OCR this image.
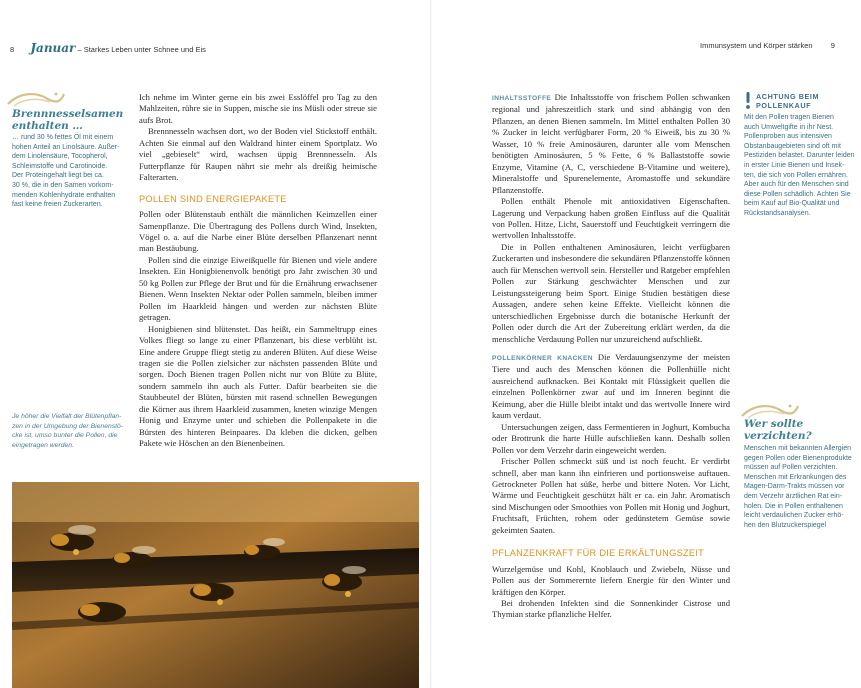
8 Januar – Starkes Leben unter Schnee und Eis	Immunsystem und Körper stärken 9
Brennnesselsamen
enthalten …
… rund 30 % fettes Öl mit einem
hohen Anteil an Linolsäure. Außer-
dem Linolensäure, Tocopherol,
Schleimstoffe und Carotinoide.
Der Proteingehalt liegt bei ca.
30 %, die in den Samen vorkom-
menden Kohlenhydrate enthalten
fast keine freien Zuckerarten.
Je höher die Vielfalt der Blütenpflan-
zen in der Umgebung der Bienenstö-
cke ist, umso bunter die Pollen, die
eingetragen werden.

Ich nehme im Winter gerne ein bis zwei Esslöffel pro Tag zu den Mahlzeiten, rühre sie in Suppen, mische sie ins Müsli oder streue sie aufs Brot.

Brennnesseln wachsen dort, wo der Boden viel Stickstoff enthält. Achten Sie einmal auf den Waldrand hinter einem Sportplatz. Wo viel „gebieselt“ wird, wachsen üppig Brennnesseln. Als Futterpflanze für Raupen nährt sie mehr als dreißig heimische Falterarten.

POLLEN SIND ENERGIEPAKETE

Pollen oder Blütenstaub enthält die männlichen Keimzellen einer Samenpflanze. Die Übertragung des Pollens durch Wind, Insekten, Vögel o. a. auf die Narbe einer Blüte derselben Pflanzenart nennt man Bestäubung.

Pollen sind die einzige Eiweißquelle für Bienen und viele andere Insekten. Ein Honigbienenvolk benötigt pro Jahr zwischen 30 und 50 kg Pollen zur Pflege der Brut und für die Ernährung erwachsener Bienen. Wenn Insekten Nektar oder Pollen sammeln, bleiben immer Pollen im Haarkleid hängen und werden zur nächsten Blüte getragen.

Honigbienen sind blütenstet. Das heißt, ein Sammeltrupp eines Volkes fliegt so lange zu einer Pflanzenart, bis diese verblüht ist. Eine andere Gruppe fliegt stetig zu anderen Blüten. Auf diese Weise tragen sie die Pollen zielsicher zur nächsten passenden Blüte und sorgen. Doch Bienen tragen Pollen nicht nur von Blüte zu Blüte, sondern sammeln ihn auch als Futter. Dafür bearbeiten sie die Staubbeutel der Blüten, bürsten mit rasend schnellen Bewegungen die Körner aus ihrem Haarkleid zusammen, kneten winzige Mengen Honig und Enzyme unter und schieben die Pollenpakete in die Bürsten des hinteren Beinpaares. Da kleben die dicken, gelben Pakete wie Höschen an den Bienenbeinen.

INHALTSSTOFFE Die Inhaltsstoffe von frischem Pollen schwanken regional und jahreszeitlich stark und sind abhängig von den Pflanzen, an denen Bienen sammeln. Im Mittel enthalten Pollen 30 % Zucker in leicht verfügbarer Form, 20 % Eiweiß, bis zu 30 % Wasser, 10 % freie Aminosäuren, darunter alle vom Menschen benötigten Aminosäuren, 5 % Fette, 6 % Ballaststoffe sowie Enzyme, Vitamine (A, C, verschiedene B-Vitamine und weitere), Mineralstoffe und Spurenelemente, Aromastoffe und sekundäre Pflanzenstoffe.

Pollen enthält Phenole mit antioxidativen Eigenschaften. Lagerung und Verpackung haben großen Einfluss auf die Qualität von Pollen. Hitze, Licht, Sauerstoff und Feuchtigkeit verringern die wertvollen Inhaltsstoffe.

Die in Pollen enthaltenen Aminosäuren, leicht verfügbaren Zuckerarten und insbesondere die sekundären Pflanzenstoffe können auch für Menschen wertvoll sein. Hersteller und Ratgeber empfehlen Pollen zur Stärkung geschwächter Menschen und zur Leistungssteigerung beim Sport. Einige Studien bestätigen diese Aussagen, andere sehen keine Effekte. Vielleicht können die unterschiedlichen Ergebnisse durch die botanische Herkunft der Pollen oder durch die Art der Zubereitung erklärt werden, da die menschliche Verdauung Pollen nur unzureichend aufschließt.

POLLENKÖRNER KNACKEN Die Verdauungsenzyme der meisten Tiere und auch des Menschen können die Pollenhülle nicht ausreichend aufknacken. Bei Kontakt mit Flüssigkeit quellen die einzelnen Pollenkörner zwar auf und im Inneren beginnt die Keimung, aber die Hülle bleibt intakt und das wertvolle Innere wird kaum verdaut.

Untersuchungen zeigen, dass Fermentieren in Joghurt, Kombucha oder Brottrunk die harte Hülle aufschließen kann. Deshalb sollen Pollen vor dem Verzehr darin eingeweicht werden.

Frischer Pollen schmeckt süß und ist noch feucht. Er verdirbt schnell, aber man kann ihn einfrieren und portionsweise auftauen. Getrockneter Pollen hat süße, herbe und bittere Noten. Vor Licht, Wärme und Feuchtigkeit geschützt hält er ca. ein Jahr. Aromatisch sind Mischungen oder Smoothies von Pollen mit Honig und Joghurt, Fruchtsaft, Früchten, rohem oder gedünstetem Gemüse sowie gekeimten Saaten.

PFLANZENKRAFT FÜR DIE ERKÄLTUNGSZEIT

Wurzelgemüse und Kohl, Knoblauch und Zwiebeln, Nüsse und Pollen aus der Sommerernte liefern Energie für den Winter und kräftigen den Körper.

Bei drohenden Infekten sind die Sonnenkinder Cistrose und Thymian starke pflanzliche Helfer.

ACHTUNG BEIM
POLLENKAUF
Mit den Pollen tragen Bienen
auch Umweltgifte in ihr Nest.
Pollenproben aus intensiven
Obstanbaugebieten sind oft mit
Pestiziden belastet. Darunter leiden
in erster Linie Bienen und Insek-
ten, die sich von Pollen ernähren.
Aber auch für den Menschen sind
diese Pollen schädlich. Achten Sie
beim Kauf auf Bio-Qualität und
Rückstandsanalysen.
Wer sollte
verzichten?
Menschen mit bekannten Allergien
gegen Pollen oder Bienenprodukte
müssen auf Pollen verzichten.
Menschen mit Erkrankungen des
Magen-Darm-Trakts müssen vor
dem Verzehr ärztlichen Rat ein-
holen. Die in Pollen enthaltenen
leicht verdaulichen Zucker erhö-
hen den Blutzuckerspiegel
